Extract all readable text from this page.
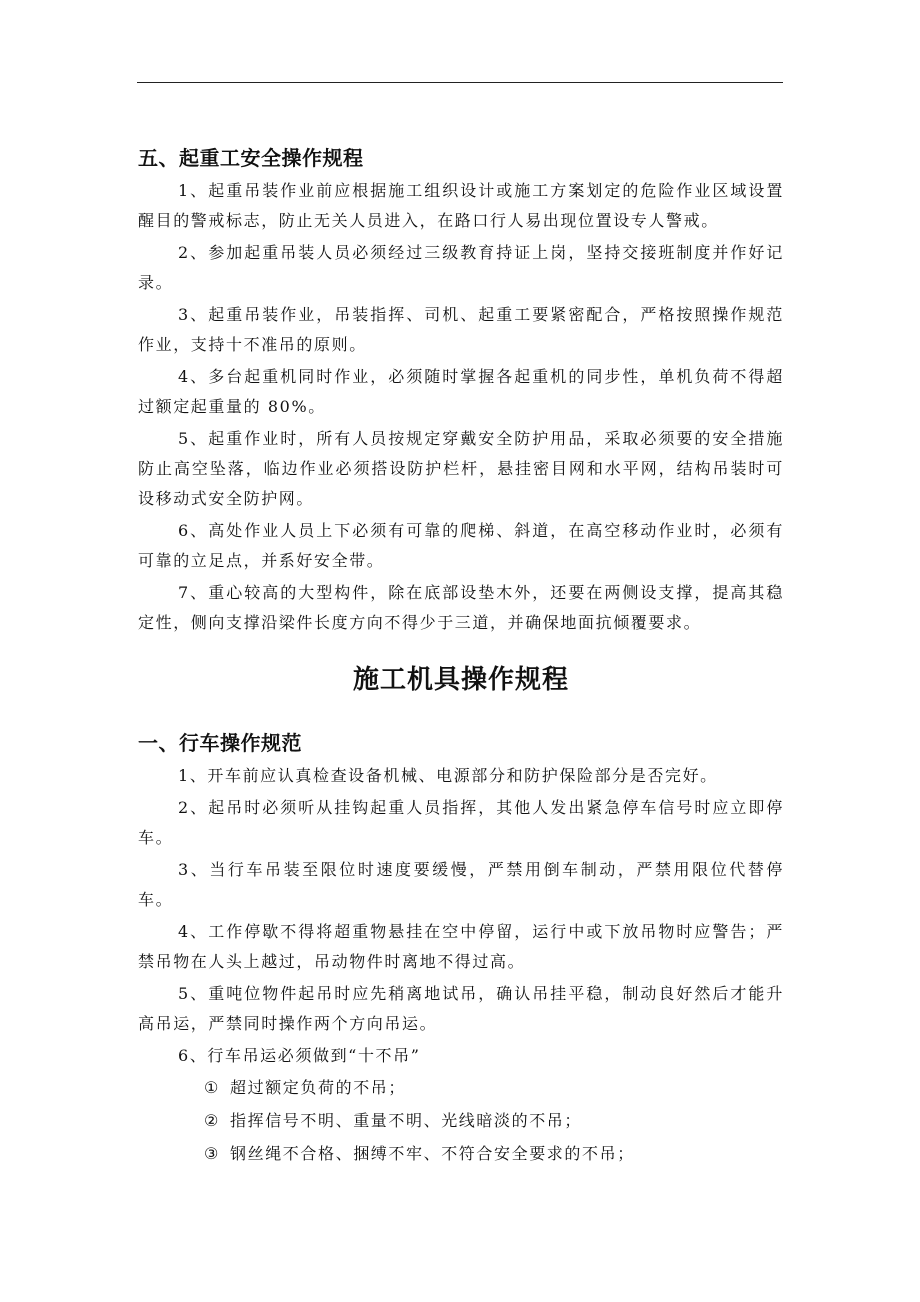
五、起重工安全操作规程

1、起重吊装作业前应根据施工组织设计或施工方案划定的危险作业区域设置醒目的警戒标志，防止无关人员进入，在路口行人易出现位置设专人警戒。

2、参加起重吊装人员必须经过三级教育持证上岗，坚持交接班制度并作好记录。

3、起重吊装作业，吊装指挥、司机、起重工要紧密配合，严格按照操作规范作业，支持十不准吊的原则。

4、多台起重机同时作业，必须随时掌握各起重机的同步性，单机负荷不得超过额定起重量的 80%。

5、起重作业时，所有人员按规定穿戴安全防护用品，采取必须要的安全措施防止高空坠落，临边作业必须搭设防护栏杆，悬挂密目网和水平网，结构吊装时可设移动式安全防护网。

6、高处作业人员上下必须有可靠的爬梯、斜道，在高空移动作业时，必须有可靠的立足点，并系好安全带。

7、重心较高的大型构件，除在底部设垫木外，还要在两侧设支撑，提高其稳定性，侧向支撑沿梁件长度方向不得少于三道，并确保地面抗倾覆要求。

施工机具操作规程
一、行车操作规范

1、开车前应认真检查设备机械、电源部分和防护保险部分是否完好。

2、起吊时必须听从挂钩起重人员指挥，其他人发出紧急停车信号时应立即停车。

3、当行车吊装至限位时速度要缓慢，严禁用倒车制动，严禁用限位代替停车。

4、工作停歇不得将超重物悬挂在空中停留，运行中或下放吊物时应警告；严禁吊物在人头上越过，吊动物件时离地不得过高。

5、重吨位物件起吊时应先稍离地试吊，确认吊挂平稳，制动良好然后才能升高吊运，严禁同时操作两个方向吊运。

6、行车吊运必须做到“十不吊”

① 超过额定负荷的不吊；
② 指挥信号不明、重量不明、光线暗淡的不吊；
③ 钢丝绳不合格、捆缚不牢、不符合安全要求的不吊；
